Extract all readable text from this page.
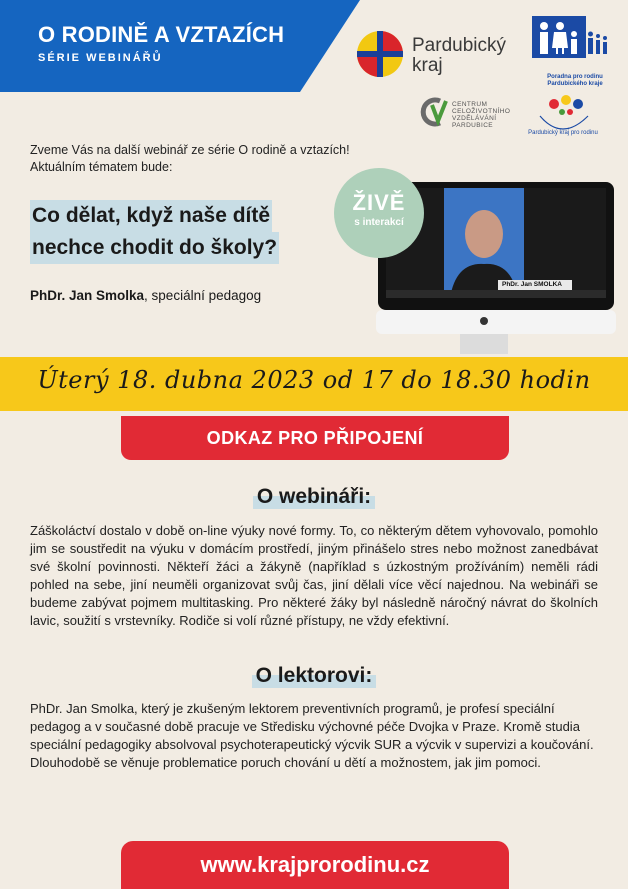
O RODINĚ A VZTAZÍCH
SÉRIE WEBINÁŘŮ
Pardubický kraj
Poradna pro rodinu Pardubického kraje
CENTRUM CELOŽIVOTNÍHO VZDĚLÁVÁNÍ PARDUBICE
Pardubický kraj pro rodinu
Zveme Vás na další webinář ze série O rodině a vztazích!
Aktuálním tématem bude:
Co dělat, když naše dítě
nechce chodit do školy?
PhDr. Jan Smolka, speciální pedagog
PhDr. Jan SMOLKA
ŽIVĚ
s interakcí
Úterý 18. dubna 2023 od 17 do 18.30 hodin
ODKAZ PRO PŘIPOJENÍ
O webináři:
Záškoláctví dostalo v době on-line výuky nové formy. To, co některým dětem vyhovovalo, pomohlo jim se soustředit na výuku v domácím prostředí, jiným přinášelo stres nebo možnost zanedbávat své školní povinnosti. Někteří žáci a žákyně (například s úzkostným prožíváním) neměli rádi pohled na sebe, jiní neuměli organizovat svůj čas, jiní dělali více věcí najednou. Na webináři se budeme zabývat pojmem multitasking. Pro některé žáky byl následně náročný návrat do školních lavic, soužití s vrstevníky. Rodiče si volí různé přístupy, ne vždy efektivní.
O lektorovi:
PhDr. Jan Smolka, který je zkušeným lektorem preventivních programů, je profesí speciální pedagog a v současné době pracuje ve Středisku výchovné péče Dvojka v Praze. Kromě studia speciální pedagogiky absolvoval psychoterapeutický výcvik SUR a výcvik v supervizi a koučování. Dlouhodobě se věnuje problematice poruch chování u dětí a možnostem, jak jim pomoci.
www.krajprorodinu.cz
